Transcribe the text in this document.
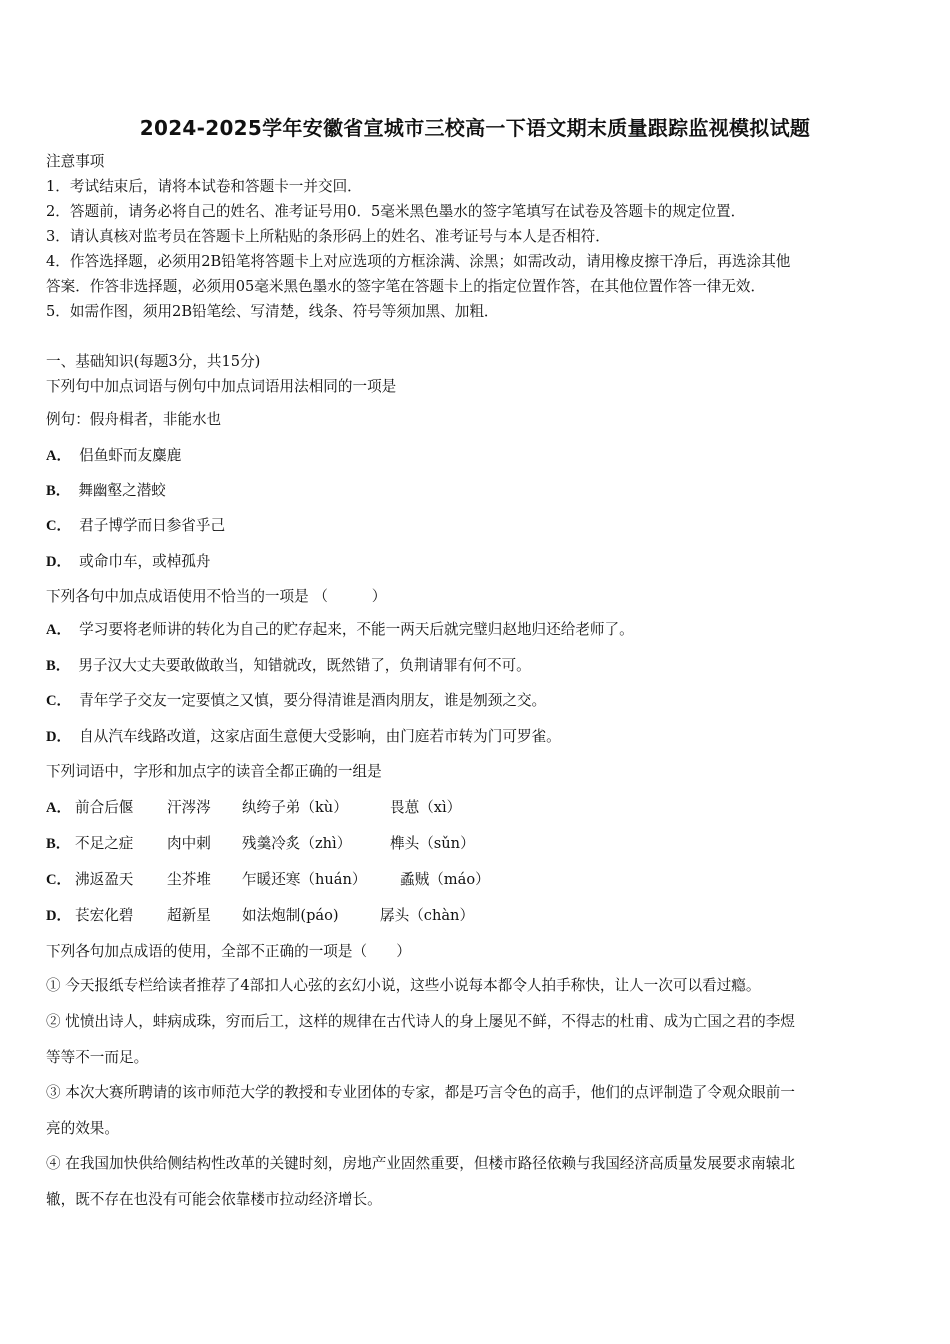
2024-2025学年安徽省宣城市三校高一下语文期末质量跟踪监视模拟试题
注意事项
1．考试结束后，请将本试卷和答题卡一并交回．
2．答题前，请务必将自己的姓名、准考证号用0．5毫米黑色墨水的签字笔填写在试卷及答题卡的规定位置．
3．请认真核对监考员在答题卡上所粘贴的条形码上的姓名、准考证号与本人是否相符．
4．作答选择题，必须用2B铅笔将答题卡上对应选项的方框涂满、涂黑；如需改动，请用橡皮擦干净后，再选涂其他
答案．作答非选择题，必须用05毫米黑色墨水的签字笔在答题卡上的指定位置作答，在其他位置作答一律无效．
5．如需作图，须用2B铅笔绘、写清楚，线条、符号等须加黑、加粗．
一、基础知识(每题3分，共15分)
下列句中加点词语与例句中加点词语用法相同的一项是
例句：假舟楫者，非能水也
A． 侣鱼虾而友麋鹿
B． 舞幽壑之潜蛟
C． 君子博学而日参省乎己
D． 或命巾车，或棹孤舟
下列各句中加点成语使用不恰当的一项是 （　　　）
A． 学习要将老师讲的转化为自己的贮存起来，不能一两天后就完璧归赵地归还给老师了。
B． 男子汉大丈夫要敢做敢当，知错就改，既然错了，负荆请罪有何不可。
C． 青年学子交友一定要慎之又慎，要分得清谁是酒肉朋友，谁是刎颈之交。
D． 自从汽车线路改道，这家店面生意便大受影响，由门庭若市转为门可罗雀。
下列词语中，字形和加点字的读音全都正确的一组是
A． 前合后偃 汗涔涔 纨绔子弟（kù）	畏葸（xì）
B． 不足之症 肉中刺 残羹冷炙（zhì）	榫头（sǔn）
C． 沸返盈天 尘芥堆 乍暖还寒（huán） 蟊贼（máo）
D． 苌宏化碧 超新星 如法炮制(páo)	孱头（chàn）
下列各句加点成语的使用，全部不正确的一项是（　　）
① 今天报纸专栏给读者推荐了4部扣人心弦的玄幻小说，这些小说每本都令人拍手称快，让人一次可以看过瘾。
② 忧愤出诗人，蚌病成珠，穷而后工，这样的规律在古代诗人的身上屡见不鲜，不得志的杜甫、成为亡国之君的李煜
等等不一而足。
③ 本次大赛所聘请的该市师范大学的教授和专业团体的专家，都是巧言令色的高手，他们的点评制造了令观众眼前一
亮的效果。
④ 在我国加快供给侧结构性改革的关键时刻，房地产业固然重要，但楼市路径依赖与我国经济高质量发展要求南辕北
辙，既不存在也没有可能会依靠楼市拉动经济增长。
